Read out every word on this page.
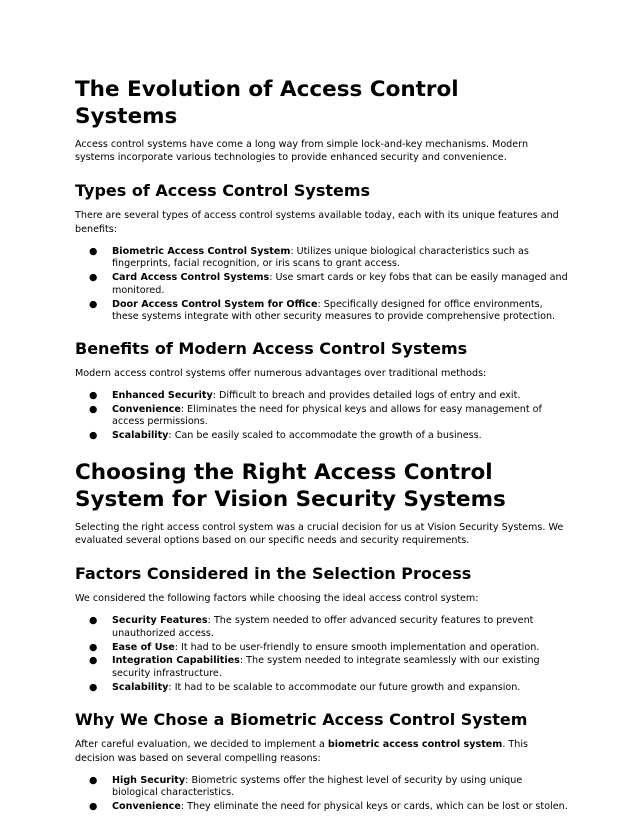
The Evolution of Access Control Systems

Access control systems have come a long way from simple lock-and-key mechanisms. Modern systems incorporate various technologies to provide enhanced security and convenience.

Types of Access Control Systems

There are several types of access control systems available today, each with its unique features and benefits:

● Biometric Access Control System: Utilizes unique biological characteristics such as fingerprints, facial recognition, or iris scans to grant access.
● Card Access Control Systems: Use smart cards or key fobs that can be easily managed and monitored.
● Door Access Control System for Office: Specifically designed for office environments, these systems integrate with other security measures to provide comprehensive protection.
Benefits of Modern Access Control Systems

Modern access control systems offer numerous advantages over traditional methods:

● Enhanced Security: Difficult to breach and provides detailed logs of entry and exit.
● Convenience: Eliminates the need for physical keys and allows for easy management of access permissions.
● Scalability: Can be easily scaled to accommodate the growth of a business.
Choosing the Right Access Control System for Vision Security Systems

Selecting the right access control system was a crucial decision for us at Vision Security Systems. We evaluated several options based on our specific needs and security requirements.

Factors Considered in the Selection Process

We considered the following factors while choosing the ideal access control system:

● Security Features: The system needed to offer advanced security features to prevent unauthorized access.
● Ease of Use: It had to be user-friendly to ensure smooth implementation and operation.
● Integration Capabilities: The system needed to integrate seamlessly with our existing security infrastructure.
● Scalability: It had to be scalable to accommodate our future growth and expansion.
Why We Chose a Biometric Access Control System

After careful evaluation, we decided to implement a biometric access control system. This decision was based on several compelling reasons:

● High Security: Biometric systems offer the highest level of security by using unique biological characteristics.
● Convenience: They eliminate the need for physical keys or cards, which can be lost or stolen.
